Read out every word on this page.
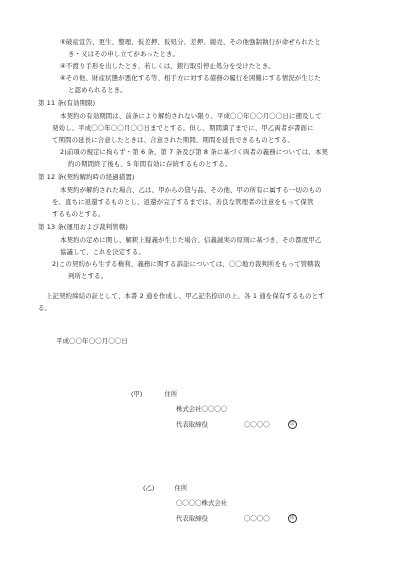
⑤破産宣告、更生、整理、仮差押、仮処分、差押、競売、その他強制執行が命ぜられたと
き・又はその申し立てがあったとき。
④不渡り手形を出したとき、若しくは、銀行取引停止処分を受けたとき。
⑥その他、財産状態が悪化する等、相手方に対する債務の履行を困難にする情況が生じた
と認められるとき。
第 11 条(有効期限)
本契約の有効期間は、前条により解約されない限り、平成〇〇年〇〇月〇〇日に遡及して
発効し、平成〇〇年〇〇月〇〇日までとする。但し、期間満了までに、甲乙両者が書面に
て期間の延長に合意したときは、合意された期間、期間を延長できるものとする。
2)前項の規定に拘らず・第 6 条、第 7 条及び第 8 条に基づく両者の義務については、本契
約の期間終了後も、5 年間有効に存続するものとする。
第 12 条(契約解約時の経過措置)
本契約が解約された場合、乙は、甲からの貸与品、その他、甲の所有に属する一切のもの
を、直ちに返還するものとし、返還が完了するまでは、善良な管理者の注意をもって保管
するものとする。
第 13 条(運用および裁判管轄)
本契約の定めに関し、解釈上疑義が生じた場合、信義誠実の原則に基づき、その都度甲乙
協議して、これを決定する。
2)この契約から生ずる権利、義務に関する訴訟については、〇〇地方裁判所をもって管轄裁
判所とする。
上記契約締結の証として、本書 2 通を作成し、甲乙記名捺印の上、各 1 通を保有するものとす
る。
平成〇〇年〇〇月〇〇日
(甲)	住所
株式会社〇〇〇〇
代表取締役	〇〇〇〇	印
(乙)	住所
〇〇〇〇株式会社
代表取締役	〇〇〇〇	印
